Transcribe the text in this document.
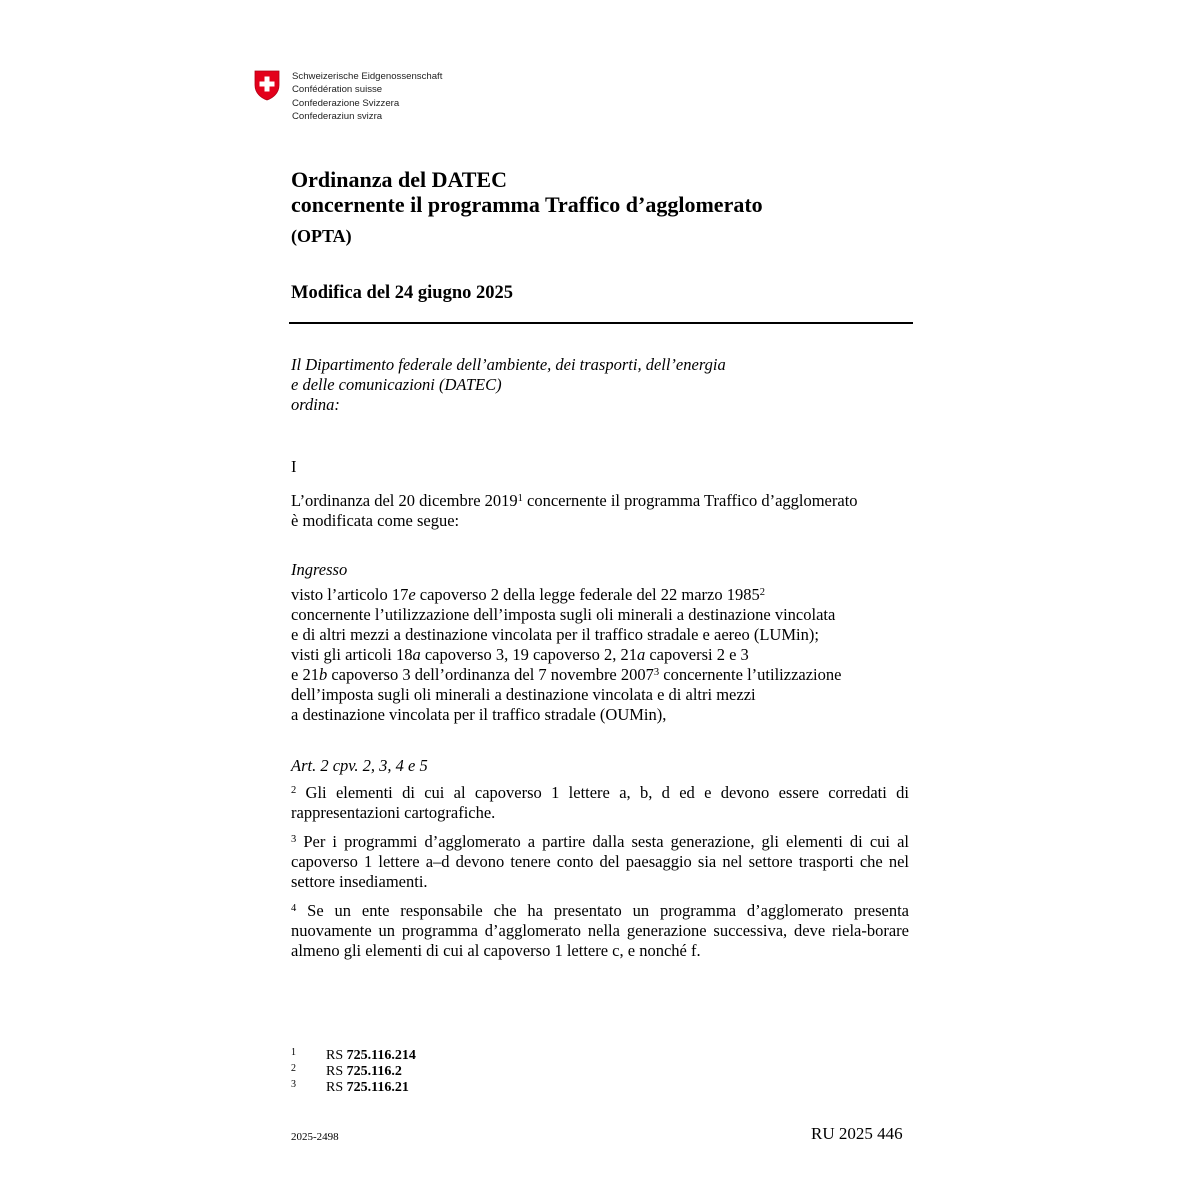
Schweizerische Eidgenossenschaft
Confédération suisse
Confederazione Svizzera
Confederaziun svizra
Ordinanza del DATEC
concernente il programma Traffico d’agglomerato
(OPTA)
Modifica del 24 giugno 2025
Il Dipartimento federale dell’ambiente, dei trasporti, dell’energia
e delle comunicazioni (DATEC)
ordina:
I
L’ordinanza del 20 dicembre 2019$^1$ concernente il programma Traffico d’agglomerato
è modificata come segue:
Ingresso
visto l’articolo 17e capoverso 2 della legge federale del 22 marzo 1985$^2$
concernente l’utilizzazione dell’imposta sugli oli minerali a destinazione vincolata
e di altri mezzi a destinazione vincolata per il traffico stradale e aereo (LUMin);
visti gli articoli 18a capoverso 3, 19 capoverso 2, 21a capoversi 2 e 3
e 21b capoverso 3 dell’ordinanza del 7 novembre 2007$^3$ concernente l’utilizzazione
dell’imposta sugli oli minerali a destinazione vincolata e di altri mezzi
a destinazione vincolata per il traffico stradale (OUMin),
Art. 2 cpv. 2, 3, 4 e 5
$^2$ Gli elementi di cui al capoverso 1 lettere a, b, d ed e devono essere corredati di rappresentazioni cartografiche.
$^3$ Per i programmi d’agglomerato a partire dalla sesta generazione, gli elementi di cui al capoverso 1 lettere a–d devono tenere conto del paesaggio sia nel settore trasporti che nel settore insediamenti.
$^4$ Se un ente responsabile che ha presentato un programma d’agglomerato presenta nuovamente un programma d’agglomerato nella generazione successiva, deve riela-borare almeno gli elementi di cui al capoverso 1 lettere c, e nonché f.
1 RS 725.116.214
2 RS 725.116.2
3 RS 725.116.21
2025-2498	RU 2025 446
